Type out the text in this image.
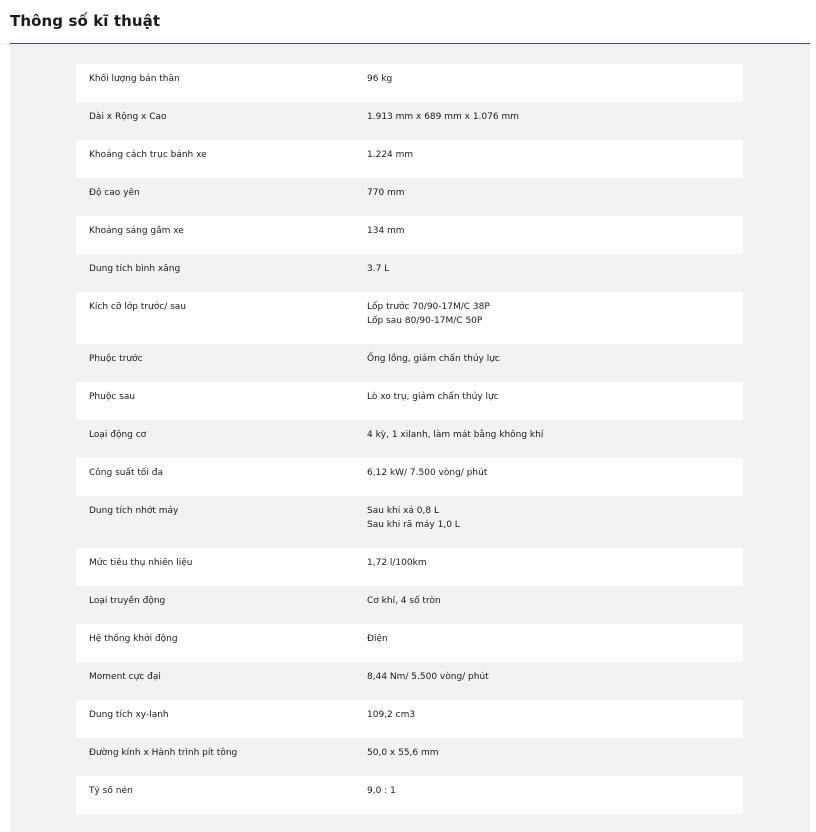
Thông số kĩ thuật
Khối lượng bản thân	96 kg
Dài x Rộng x Cao	1.913 mm x 689 mm x 1.076 mm
Khoảng cách trục bánh xe	1.224 mm
Độ cao yên	770 mm
Khoảng sáng gầm xe	134 mm
Dung tích bình xăng	3.7 L
Kích cỡ lớp trước/ sau	Lốp trước 70/90-17M/C 38P
Lốp sau 80/90-17M/C 50P
Phuộc trước	Ống lồng, giảm chấn thủy lực
Phuộc sau	Lò xo trụ, giảm chấn thủy lực
Loại động cơ	4 kỳ, 1 xilanh, làm mát bằng không khí
Công suất tối đa	6,12 kW/ 7.500 vòng/ phút
Dung tích nhớt máy	Sau khi xả 0,8 L
Sau khi rã máy 1,0 L
Mức tiêu thụ nhiên liệu	1,72 l/100km
Loại truyền động	Cơ khí, 4 số tròn
Hệ thống khởi động	Điện
Moment cực đại	8,44 Nm/ 5.500 vòng/ phút
Dung tích xy-lanh	109,2 cm3
Đường kính x Hành trình pít tông	50,0 x 55,6 mm
Tỷ số nén	9,0 : 1
